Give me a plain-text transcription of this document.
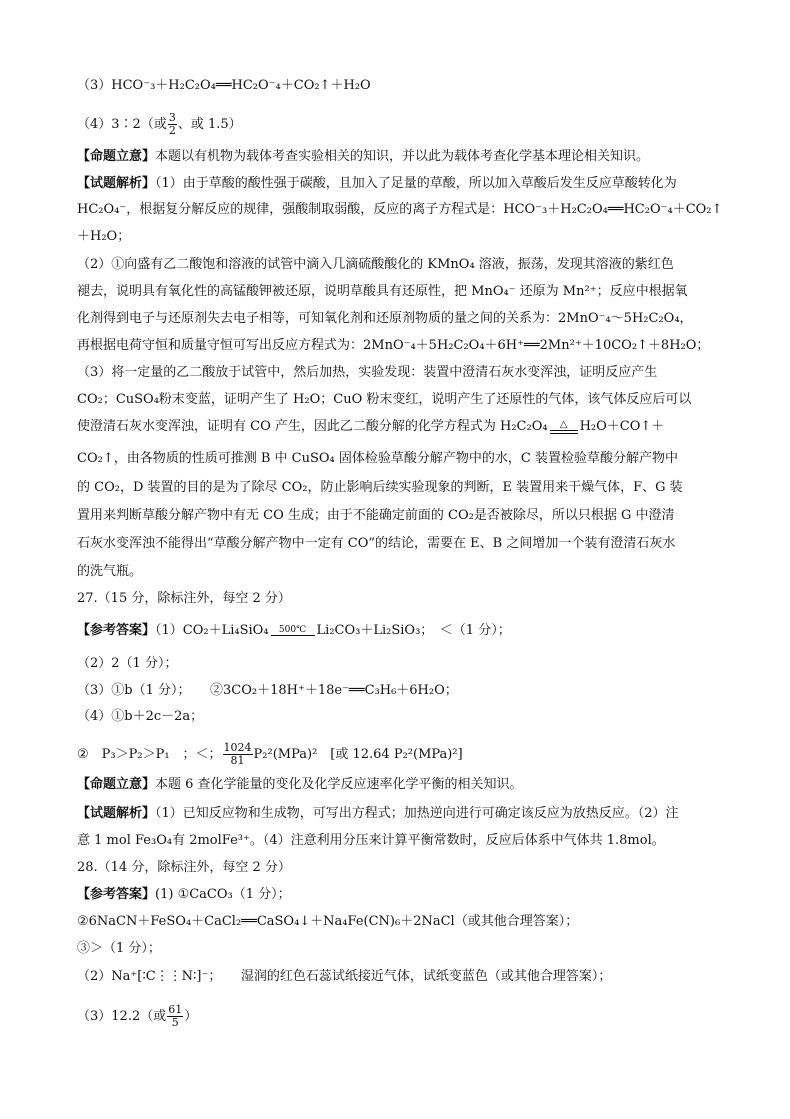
（3）HCO⁻₃＋H₂C₂O₄══HC₂O⁻₄＋CO₂↑＋H₂O
（4）3∶2（或 $\frac{3}{2}$ 、或 1.5）
【命题立意】本题以有机物为载体考查实验相关的知识，并以此为载体考查化学基本理论相关知识。
【试题解析】（1）由于草酸的酸性强于碳酸，且加入了足量的草酸，所以加入草酸后发生反应草酸转化为
HC₂O₄⁻，根据复分解反应的规律，强酸制取弱酸，反应的离子方程式是：HCO⁻₃＋H₂C₂O₄══HC₂O⁻₄＋CO₂↑
＋H₂O；
（2）①向盛有乙二酸饱和溶液的试管中滴入几滴硫酸酸化的 KMnO₄ 溶液，振荡，发现其溶液的紫红色
褪去，说明具有氧化性的高锰酸钾被还原，说明草酸具有还原性，把 MnO₄⁻ 还原为 Mn²⁺；反应中根据氧
化剂得到电子与还原剂失去电子相等，可知氧化剂和还原剂物质的量之间的关系为：2MnO⁻₄～5H₂C₂O₄，
再根据电荷守恒和质量守恒可写出反应方程式为：2MnO⁻₄＋5H₂C₂O₄＋6H⁺══2Mn²⁺＋10CO₂↑＋8H₂O；
（3）将一定量的乙二酸放于试管中，然后加热，实验发现：装置中澄清石灰水变浑浊，证明反应产生
CO₂；CuSO₄粉末变蓝，证明产生了 H₂O；CuO 粉末变红，说明产生了还原性的气体，该气体反应后可以
使澄清石灰水变浑浊，证明有 CO 产生，因此乙二酸分解的化学方程式为 H₂C₂O₄	△ H₂O＋CO↑＋
CO₂↑，由各物质的性质可推测 B 中 CuSO₄ 固体检验草酸分解产物中的水，C 装置检验草酸分解产物中
的 CO₂，D 装置的目的是为了除尽 CO₂，防止影响后续实验现象的判断，E 装置用来干燥气体，F、G 装
置用来判断草酸分解产物中有无 CO 生成；由于不能确定前面的 CO₂是否被除尽，所以只根据 G 中澄清
石灰水变浑浊不能得出“草酸分解产物中一定有 CO”的结论，需要在 E、B 之间增加一个装有澄清石灰水
的洗气瓶。
27.（15 分，除标注外，每空 2 分）
【参考答案】（1）CO₂＋Li₄SiO₄	500℃ Li₂CO₃＋Li₂SiO₃；　＜（1 分）；
（2）2（1 分）；
（3）①b（1 分）；　　②3CO₂＋18H⁺＋18e⁻══C₃H₆＋6H₂O；
（4）①b＋2c－2a；
②　P₃＞P₂＞P₁　；＜； $\frac{1024}{81} P_2^2(MPa)^2$　[或 12.64 P₂²(MPa)²]
【命题立意】本题 6 查化学能量的变化及化学反应速率化学平衡的相关知识。
【试题解析】（1）已知反应物和生成物，可写出方程式；加热逆向进行可确定该反应为放热反应。（2）注
意 1 mol Fe₃O₄有 2molFe³⁺。（4）注意利用分压来计算平衡常数时，反应后体系中气体共 1.8mol。
28.（14 分，除标注外，每空 2 分）
【参考答案】(1) ①CaCO₃（1 分）；
②6NaCN＋FeSO₄＋CaCl₂══CaSO₄↓＋Na₄Fe(CN)₆＋2NaCl（或其他合理答案）；
③＞（1 分）；
（2）Na⁺[∶C⋮⋮N∶]⁻；　　湿润的红色石蕊试纸接近气体，试纸变蓝色（或其他合理答案）；
（3）12.2（或 $\frac{61}{5}$ ）
